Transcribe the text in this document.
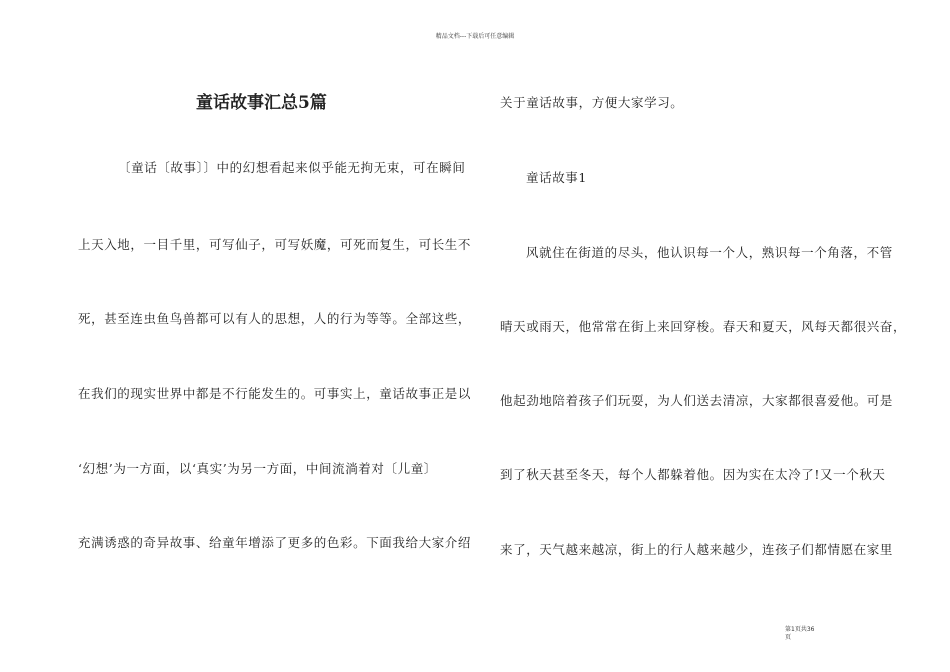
精品文档---下载后可任意编辑
童话故事汇总5篇
〔童话〔故事〕〕中的幻想看起来似乎能无拘无束，可在瞬间
上天入地，一目千里，可写仙子，可写妖魔，可死而复生，可长生不
死，甚至连虫鱼鸟兽都可以有人的思想，人的行为等等。全部这些，
在我们的现实世界中都是不行能发生的。可事实上，童话故事正是以
‘幻想’为一方面，以‘真实’为另一方面，中间流淌着对〔儿童〕
充满诱惑的奇异故事、给童年增添了更多的色彩。下面我给大家介绍
关于童话故事，方便大家学习。
童话故事1
风就住在街道的尽头，他认识每一个人，熟识每一个角落，不管
晴天或雨天，他常常在街上来回穿梭。春天和夏天，风每天都很兴奋，
他起劲地陪着孩子们玩耍，为人们送去清凉，大家都很喜爱他。可是
到了秋天甚至冬天，每个人都躲着他。因为实在太冷了!又一个秋天
来了，天气越来越凉，街上的行人越来越少，连孩子们都情愿在家里
第1页共36
页
